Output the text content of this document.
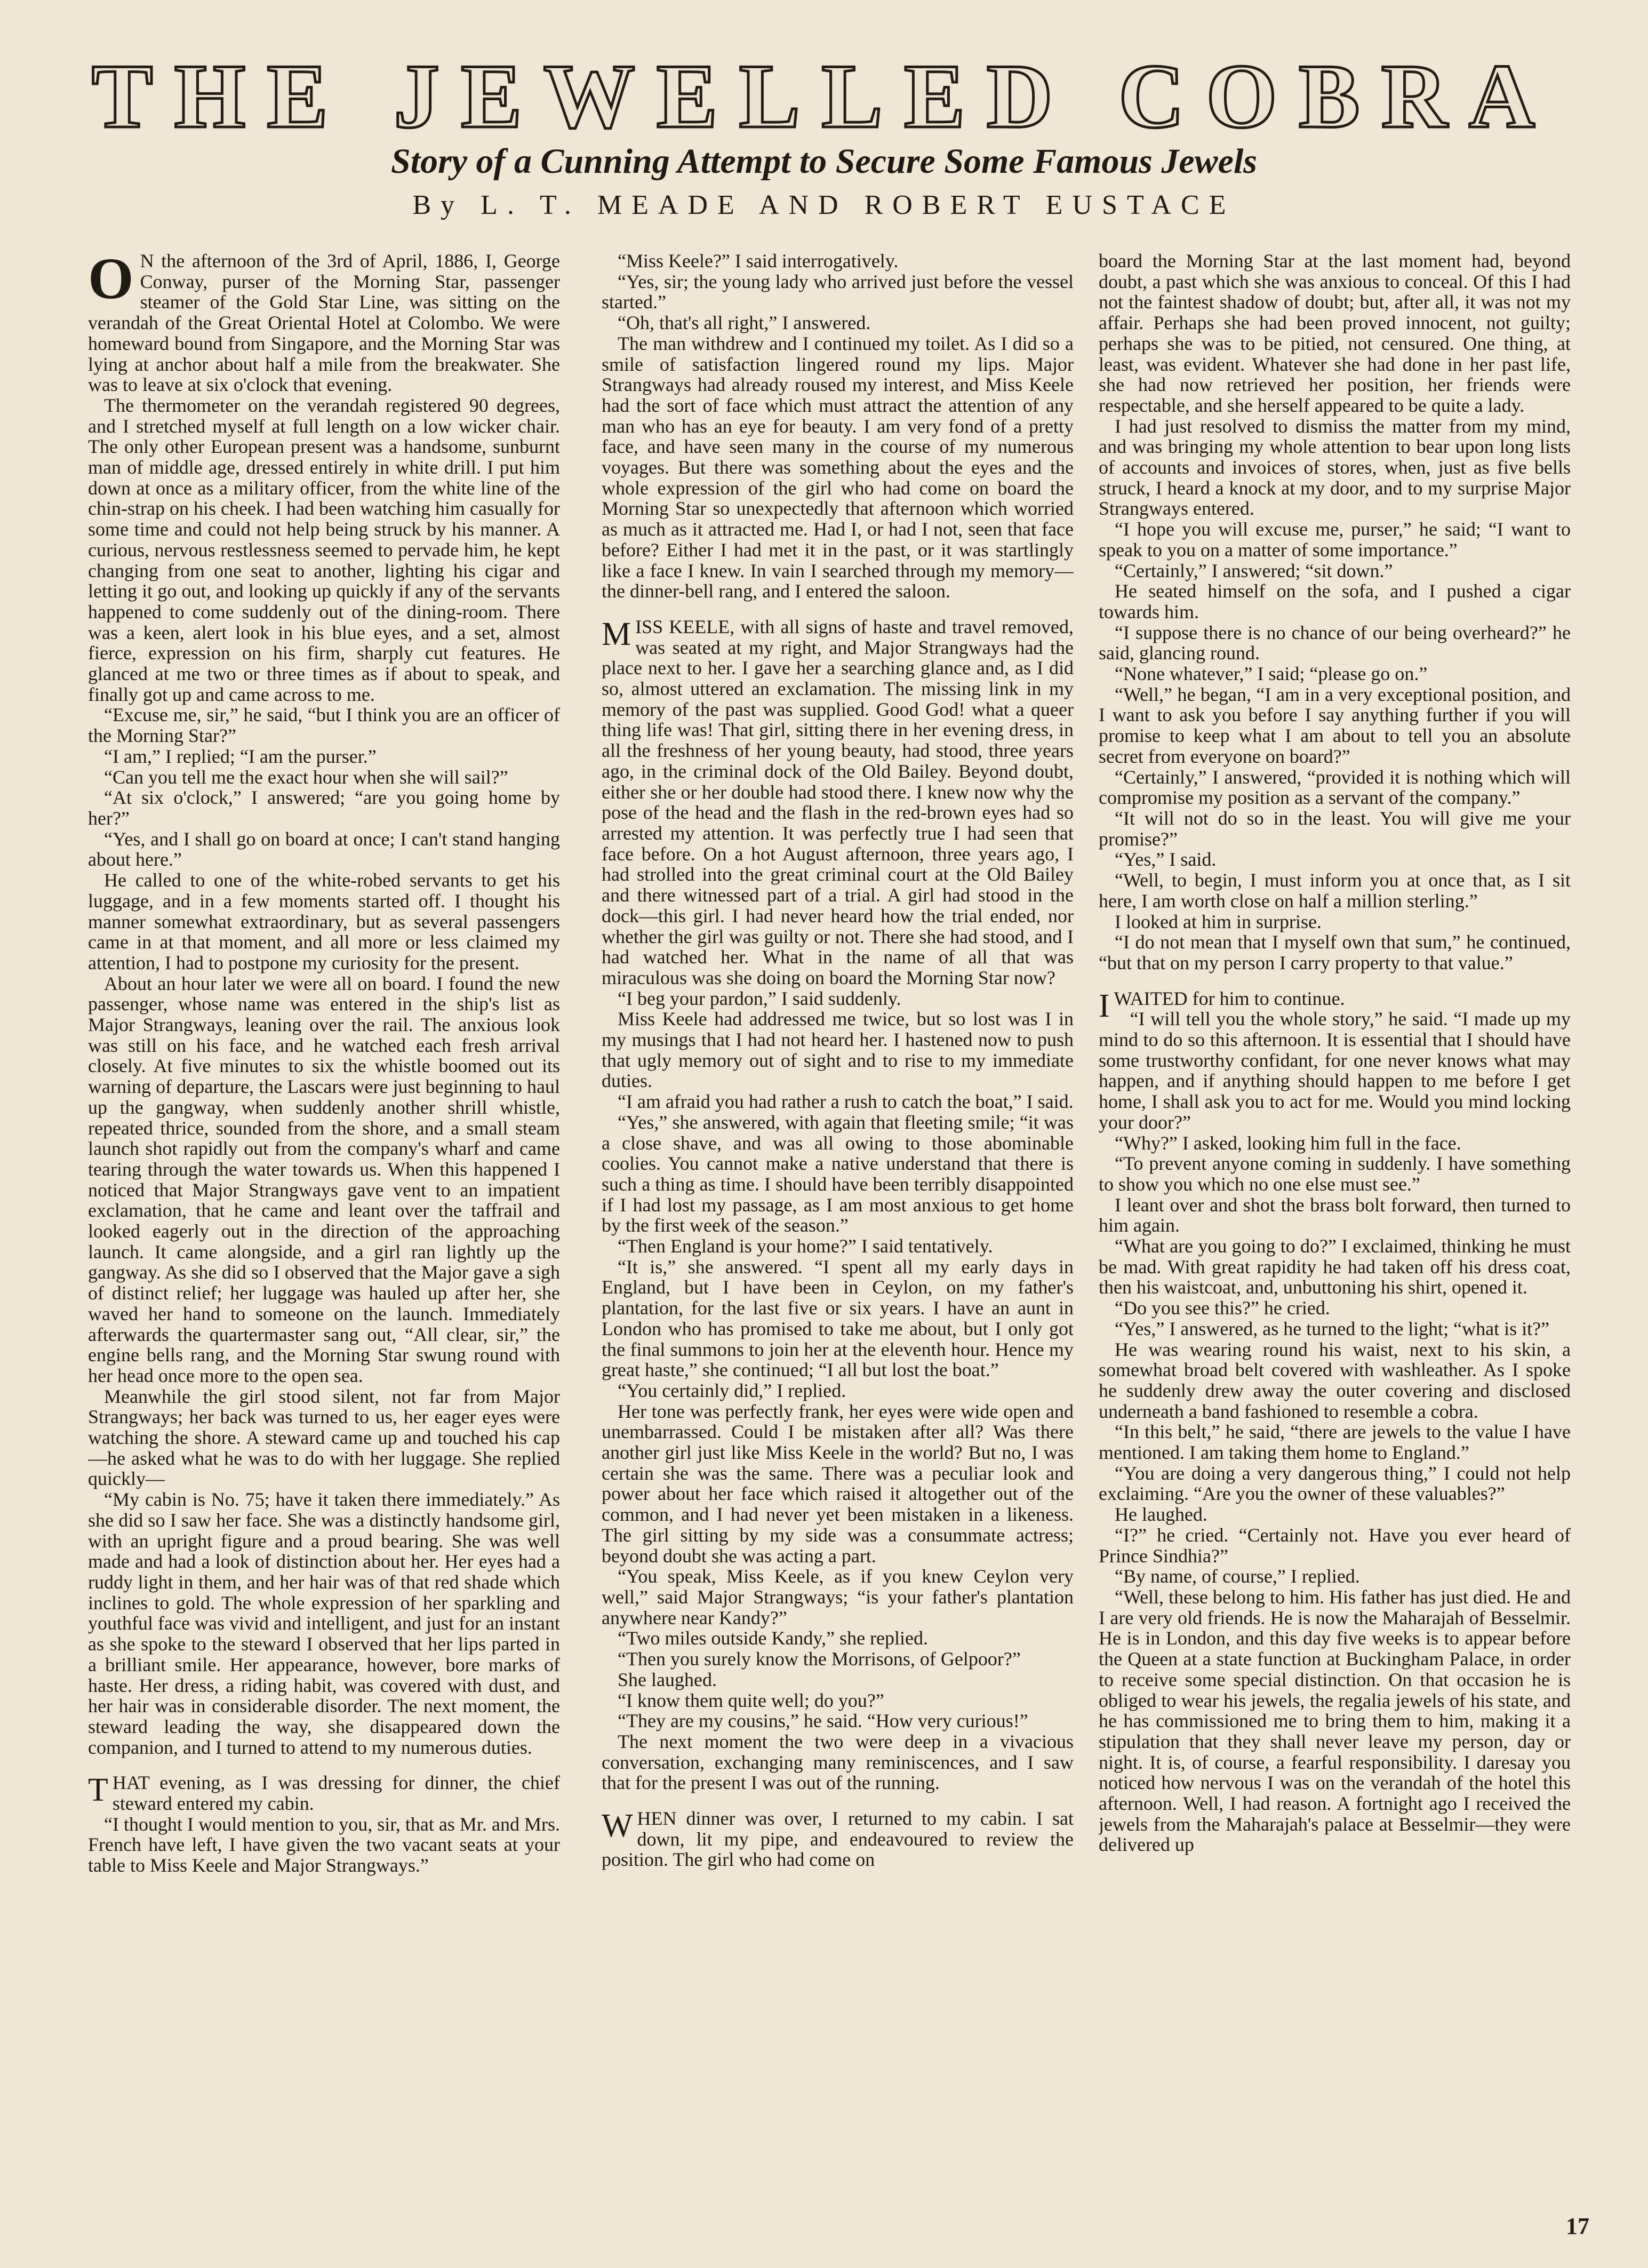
THE JEWELLED COBRA
Story of a Cunning Attempt to Secure Some Famous Jewels
By L. T. MEADE AND ROBERT EUSTACE

O N the afternoon of the 3rd of April, 1886, I, George Conway, purser of the Morning Star, passenger steamer of the Gold Star Line, was sitting on the verandah of the Great Oriental Hotel at Colombo. We were homeward bound from Singapore, and the Morning Star was lying at anchor about half a mile from the breakwater. She was to leave at six o'clock that evening.

The thermometer on the verandah registered 90 degrees, and I stretched myself at full length on a low wicker chair. The only other European present was a handsome, sunburnt man of middle age, dressed entirely in white drill. I put him down at once as a military officer, from the white line of the chin-strap on his cheek. I had been watching him casually for some time and could not help being struck by his manner. A curious, nervous restlessness seemed to pervade him, he kept changing from one seat to another, lighting his cigar and letting it go out, and looking up quickly if any of the servants happened to come suddenly out of the dining-room. There was a keen, alert look in his blue eyes, and a set, almost fierce, expression on his firm, sharply cut features. He glanced at me two or three times as if about to speak, and finally got up and came across to me.

“Excuse me, sir,” he said, “but I think you are an officer of the Morning Star?”

“I am,” I replied; “I am the purser.”

“Can you tell me the exact hour when she will sail?”

“At six o'clock,” I answered; “are you going home by her?”

“Yes, and I shall go on board at once; I can't stand hanging about here.”

He called to one of the white-robed servants to get his luggage, and in a few moments started off. I thought his manner somewhat extraordinary, but as several passengers came in at that moment, and all more or less claimed my attention, I had to postpone my curiosity for the present.

About an hour later we were all on board. I found the new passenger, whose name was entered in the ship's list as Major Strangways, leaning over the rail. The anxious look was still on his face, and he watched each fresh arrival closely. At five minutes to six the whistle boomed out its warning of departure, the Lascars were just beginning to haul up the gangway, when suddenly another shrill whistle, repeated thrice, sounded from the shore, and a small steam launch shot rapidly out from the company's wharf and came tearing through the water towards us. When this happened I noticed that Major Strangways gave vent to an impatient exclamation, that he came and leant over the taffrail and looked eagerly out in the direction of the approaching launch. It came alongside, and a girl ran lightly up the gangway. As she did so I observed that the Major gave a sigh of distinct relief; her luggage was hauled up after her, she waved her hand to someone on the launch. Immediately afterwards the quartermaster sang out, “All clear, sir,” the engine bells rang, and the Morning Star swung round with her head once more to the open sea.

Meanwhile the girl stood silent, not far from Major Strangways; her back was turned to us, her eager eyes were watching the shore. A steward came up and touched his cap—he asked what he was to do with her luggage. She replied quickly—

“My cabin is No. 75; have it taken there immediately.” As she did so I saw her face. She was a distinctly handsome girl, with an upright figure and a proud bearing. She was well made and had a look of distinction about her. Her eyes had a ruddy light in them, and her hair was of that red shade which inclines to gold. The whole expression of her sparkling and youthful face was vivid and intelligent, and just for an instant as she spoke to the steward I observed that her lips parted in a brilliant smile. Her appearance, however, bore marks of haste. Her dress, a riding habit, was covered with dust, and her hair was in considerable disorder. The next moment, the steward leading the way, she disappeared down the companion, and I turned to attend to my numerous duties.

THAT evening, as I was dressing for dinner, the chief steward entered my cabin.

“I thought I would mention to you, sir, that as Mr. and Mrs. French have left, I have given the two vacant seats at your table to Miss Keele and Major Strangways.”

“Miss Keele?” I said interrogatively.

“Yes, sir; the young lady who arrived just before the vessel started.”

“Oh, that's all right,” I answered.

The man withdrew and I continued my toilet. As I did so a smile of satisfaction lingered round my lips. Major Strangways had already roused my interest, and Miss Keele had the sort of face which must attract the attention of any man who has an eye for beauty. I am very fond of a pretty face, and have seen many in the course of my numerous voyages. But there was something about the eyes and the whole expression of the girl who had come on board the Morning Star so unexpectedly that afternoon which worried as much as it attracted me. Had I, or had I not, seen that face before? Either I had met it in the past, or it was startlingly like a face I knew. In vain I searched through my memory—the dinner-bell rang, and I entered the saloon.

MISS KEELE, with all signs of haste and travel removed, was seated at my right, and Major Strangways had the place next to her. I gave her a searching glance and, as I did so, almost uttered an exclamation. The missing link in my memory of the past was supplied. Good God! what a queer thing life was! That girl, sitting there in her evening dress, in all the freshness of her young beauty, had stood, three years ago, in the criminal dock of the Old Bailey. Beyond doubt, either she or her double had stood there. I knew now why the pose of the head and the flash in the red-brown eyes had so arrested my attention. It was perfectly true I had seen that face before. On a hot August afternoon, three years ago, I had strolled into the great criminal court at the Old Bailey and there witnessed part of a trial. A girl had stood in the dock—this girl. I had never heard how the trial ended, nor whether the girl was guilty or not. There she had stood, and I had watched her. What in the name of all that was miraculous was she doing on board the Morning Star now?

“I beg your pardon,” I said suddenly.

Miss Keele had addressed me twice, but so lost was I in my musings that I had not heard her. I hastened now to push that ugly memory out of sight and to rise to my immediate duties.

“I am afraid you had rather a rush to catch the boat,” I said.

“Yes,” she answered, with again that fleeting smile; “it was a close shave, and was all owing to those abominable coolies. You cannot make a native understand that there is such a thing as time. I should have been terribly disappointed if I had lost my passage, as I am most anxious to get home by the first week of the season.”

“Then England is your home?” I said tentatively.

“It is,” she answered. “I spent all my early days in England, but I have been in Ceylon, on my father's plantation, for the last five or six years. I have an aunt in London who has promised to take me about, but I only got the final summons to join her at the eleventh hour. Hence my great haste,” she continued; “I all but lost the boat.”

“You certainly did,” I replied.

Her tone was perfectly frank, her eyes were wide open and unembarrassed. Could I be mistaken after all? Was there another girl just like Miss Keele in the world? But no, I was certain she was the same. There was a peculiar look and power about her face which raised it altogether out of the common, and I had never yet been mistaken in a likeness. The girl sitting by my side was a consummate actress; beyond doubt she was acting a part.

“You speak, Miss Keele, as if you knew Ceylon very well,” said Major Strangways; “is your father's plantation anywhere near Kandy?”

“Two miles outside Kandy,” she replied.

“Then you surely know the Morrisons, of Gelpoor?”

She laughed.

“I know them quite well; do you?”

“They are my cousins,” he said. “How very curious!”

The next moment the two were deep in a vivacious conversation, exchanging many reminiscences, and I saw that for the present I was out of the running.

WHEN dinner was over, I returned to my cabin. I sat down, lit my pipe, and endeavoured to review the position. The girl who had come on

board the Morning Star at the last moment had, beyond doubt, a past which she was anxious to conceal. Of this I had not the faintest shadow of doubt; but, after all, it was not my affair. Perhaps she had been proved innocent, not guilty; perhaps she was to be pitied, not censured. One thing, at least, was evident. Whatever she had done in her past life, she had now retrieved her position, her friends were respectable, and she herself appeared to be quite a lady.

I had just resolved to dismiss the matter from my mind, and was bringing my whole attention to bear upon long lists of accounts and invoices of stores, when, just as five bells struck, I heard a knock at my door, and to my surprise Major Strangways entered.

“I hope you will excuse me, purser,” he said; “I want to speak to you on a matter of some importance.”

“Certainly,” I answered; “sit down.”

He seated himself on the sofa, and I pushed a cigar towards him.

“I suppose there is no chance of our being overheard?” he said, glancing round.

“None whatever,” I said; “please go on.”

“Well,” he began, “I am in a very exceptional position, and I want to ask you before I say anything further if you will promise to keep what I am about to tell you an absolute secret from everyone on board?”

“Certainly,” I answered, “provided it is nothing which will compromise my position as a servant of the company.”

“It will not do so in the least. You will give me your promise?”

“Yes,” I said.

“Well, to begin, I must inform you at once that, as I sit here, I am worth close on half a million sterling.”

I looked at him in surprise.

“I do not mean that I myself own that sum,” he continued, “but that on my person I carry property to that value.”

I WAITED for him to continue.

“I will tell you the whole story,” he said. “I made up my mind to do so this afternoon. It is essential that I should have some trustworthy confidant, for one never knows what may happen, and if anything should happen to me before I get home, I shall ask you to act for me. Would you mind locking your door?”

“Why?” I asked, looking him full in the face.

“To prevent anyone coming in suddenly. I have something to show you which no one else must see.”

I leant over and shot the brass bolt forward, then turned to him again.

“What are you going to do?” I exclaimed, thinking he must be mad. With great rapidity he had taken off his dress coat, then his waistcoat, and, unbuttoning his shirt, opened it.

“Do you see this?” he cried.

“Yes,” I answered, as he turned to the light; “what is it?”

He was wearing round his waist, next to his skin, a somewhat broad belt covered with washleather. As I spoke he suddenly drew away the outer covering and disclosed underneath a band fashioned to resemble a cobra.

“In this belt,” he said, “there are jewels to the value I have mentioned. I am taking them home to England.”

“You are doing a very dangerous thing,” I could not help exclaiming. “Are you the owner of these valuables?”

He laughed.

“I?” he cried. “Certainly not. Have you ever heard of Prince Sindhia?”

“By name, of course,” I replied.

“Well, these belong to him. His father has just died. He and I are very old friends. He is now the Maharajah of Besselmir. He is in London, and this day five weeks is to appear before the Queen at a state function at Buckingham Palace, in order to receive some special distinction. On that occasion he is obliged to wear his jewels, the regalia jewels of his state, and he has commissioned me to bring them to him, making it a stipulation that they shall never leave my person, day or night. It is, of course, a fearful responsibility. I daresay you noticed how nervous I was on the verandah of the hotel this afternoon. Well, I had reason. A fortnight ago I received the jewels from the Maharajah's palace at Besselmir—they were delivered up

17
